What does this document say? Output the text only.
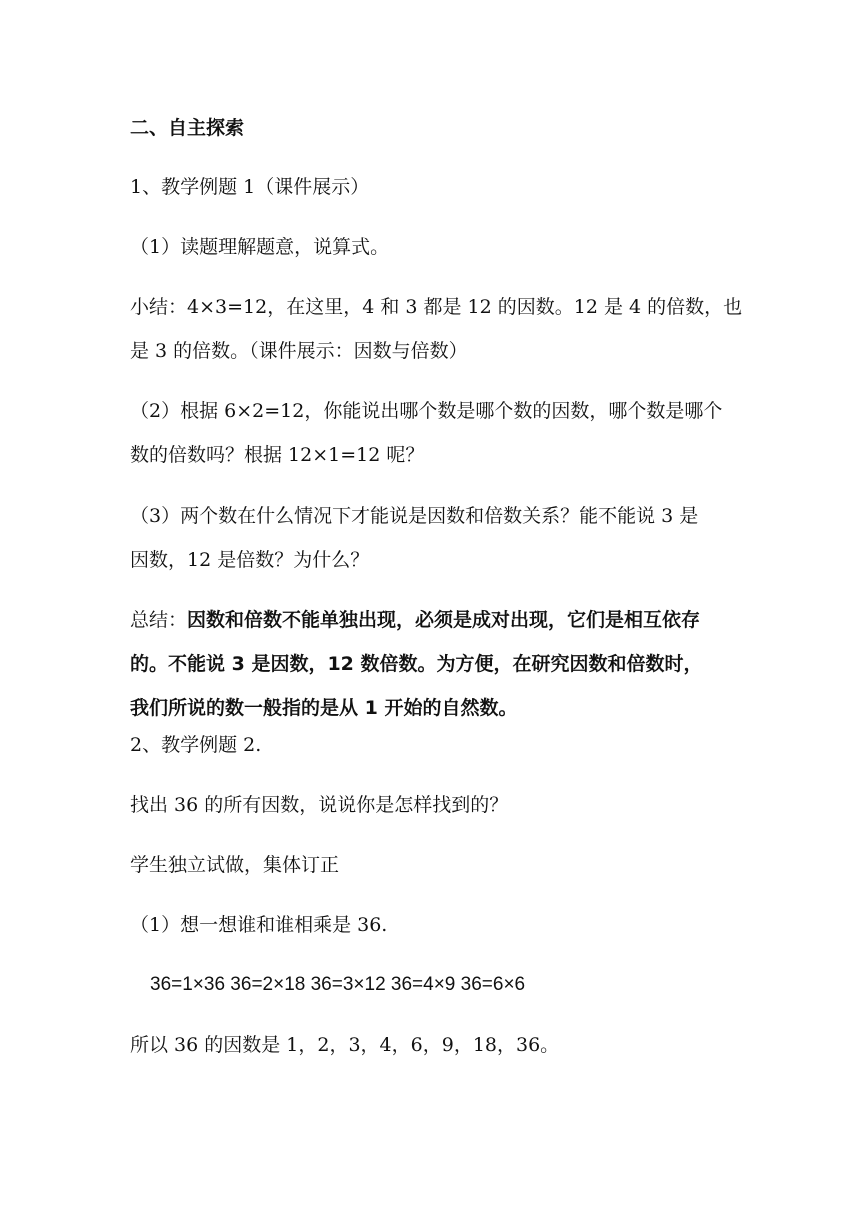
二、自主探索

1、教学例题 1（课件展示）

（1）读题理解题意，说算式。

小结：4×3=12，在这里，4 和 3 都是 12 的因数。12 是 4 的倍数，也
是 3 的倍数。（课件展示：因数与倍数）
（2）根据 6×2=12，你能说出哪个数是哪个数的因数，哪个数是哪个
数的倍数吗？根据 12×1=12 呢？
（3）两个数在什么情况下才能说是因数和倍数关系？能不能说 3 是
因数，12 是倍数？为什么？
总结：因数和倍数不能单独出现，必须是成对出现，它们是相互依存
的。不能说 3 是因数，12 数倍数。为方便，在研究因数和倍数时，
我们所说的数一般指的是从 1 开始的自然数。

2、教学例题 2.

找出 36 的所有因数，说说你是怎样找到的？

学生独立试做，集体订正

（1）想一想谁和谁相乘是 36.

36=1×36 36=2×18 36=3×12 36=4×9 36=6×6

所以 36 的因数是 1，2，3，4，6，9，18，36。
